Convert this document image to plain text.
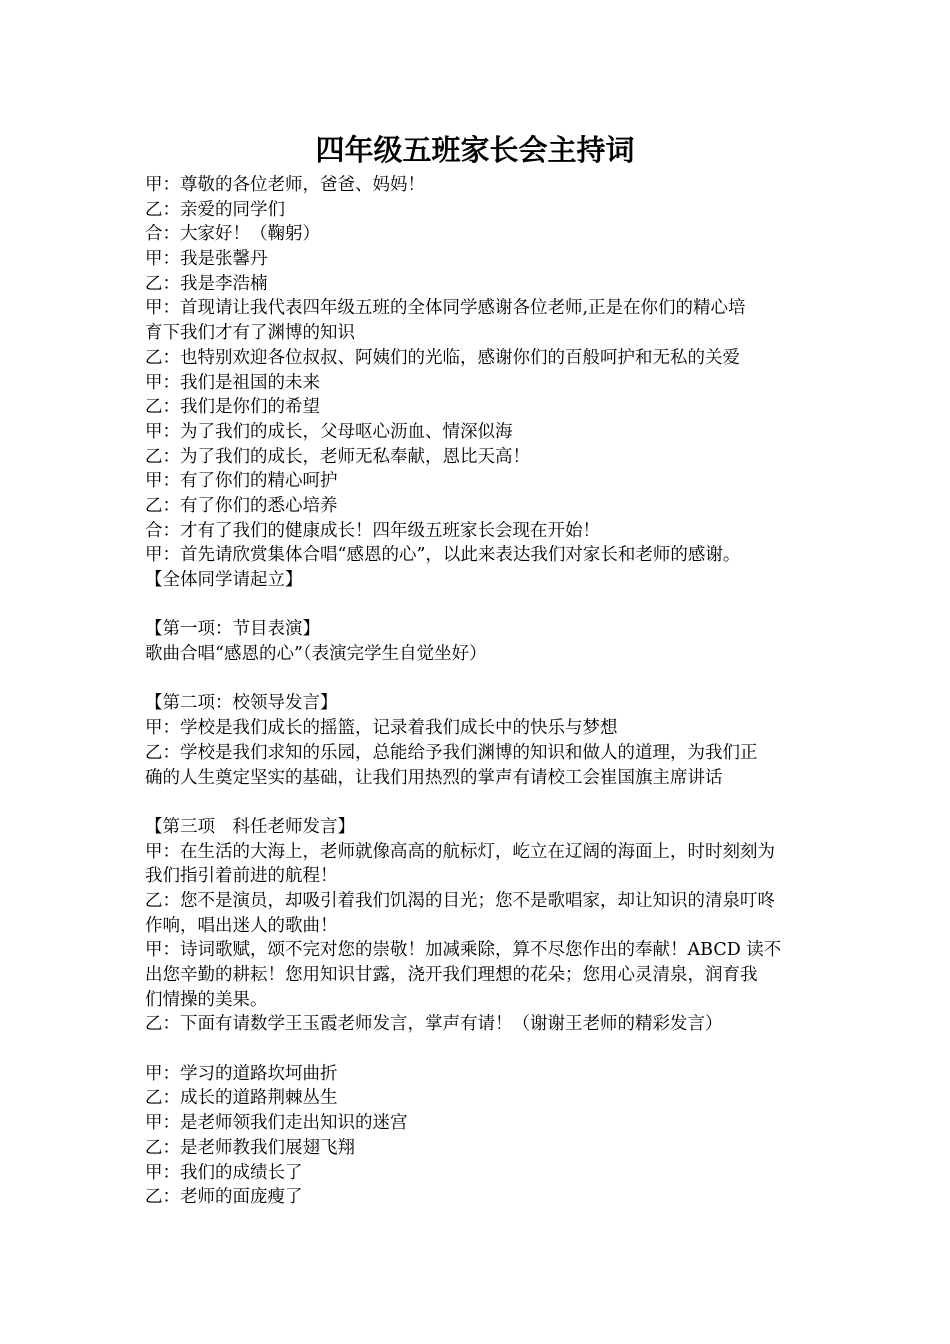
四年级五班家长会主持词
甲：尊敬的各位老师，爸爸、妈妈！
乙：亲爱的同学们
合：大家好！（鞠躬）
甲：我是张馨丹
乙：我是李浩楠
甲：首现请让我代表四年级五班的全体同学感谢各位老师,正是在你们的精心培
育下我们才有了渊博的知识
乙：也特别欢迎各位叔叔、阿姨们的光临，感谢你们的百般呵护和无私的关爱
甲：我们是祖国的未来
乙：我们是你们的希望
甲：为了我们的成长，父母呕心沥血、情深似海
乙：为了我们的成长，老师无私奉献，恩比天高！
甲：有了你们的精心呵护
乙：有了你们的悉心培养
合：才有了我们的健康成长！四年级五班家长会现在开始！
甲：首先请欣赏集体合唱“感恩的心”，以此来表达我们对家长和老师的感谢。
【全体同学请起立】
【第一项：节目表演】
歌曲合唱“感恩的心”（表演完学生自觉坐好）
【第二项：校领导发言】
甲：学校是我们成长的摇篮，记录着我们成长中的快乐与梦想
乙：学校是我们求知的乐园，总能给予我们渊博的知识和做人的道理，为我们正
确的人生奠定坚实的基础，让我们用热烈的掌声有请校工会崔国旗主席讲话
【第三项　科任老师发言】
甲：在生活的大海上，老师就像高高的航标灯，屹立在辽阔的海面上，时时刻刻为
我们指引着前进的航程！
乙：您不是演员，却吸引着我们饥渴的目光；您不是歌唱家，却让知识的清泉叮咚
作响，唱出迷人的歌曲！
甲：诗词歌赋，颂不完对您的崇敬！加减乘除，算不尽您作出的奉献！ABCD 读不
出您辛勤的耕耘！您用知识甘露，浇开我们理想的花朵；您用心灵清泉，润育我
们情操的美果。
乙：下面有请数学王玉霞老师发言，掌声有请！（谢谢王老师的精彩发言）
甲：学习的道路坎坷曲折
乙：成长的道路荆棘丛生
甲：是老师领我们走出知识的迷宫
乙：是老师教我们展翅飞翔
甲：我们的成绩长了
乙：老师的面庞瘦了
